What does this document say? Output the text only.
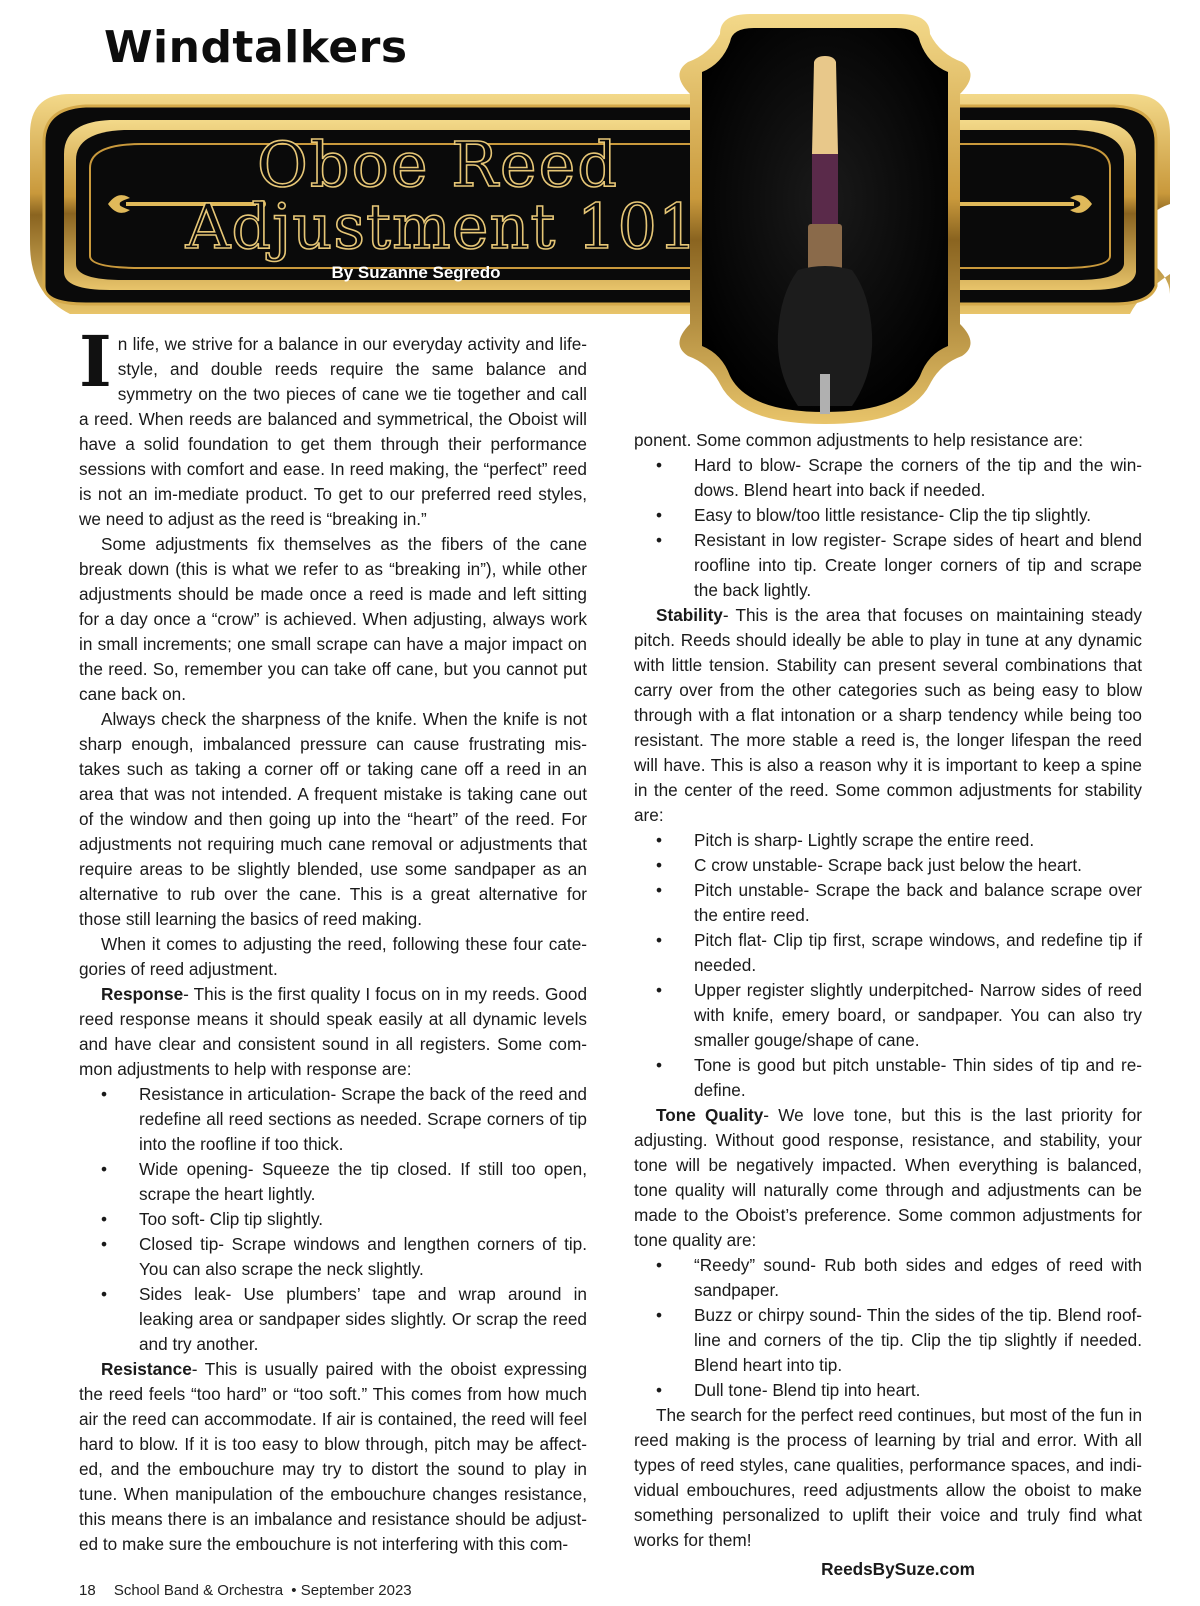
Oboe Reed
Adjustment 101
By Suzanne Segredo
Windtalkers

In life, we strive for a balance in our everyday activity and life-style, and double reeds require the same balance and symmetry on the two pieces of cane we tie together and call a reed. When reeds are balanced and symmetrical, the Oboist will have a solid foundation to get them through their performance sessions with comfort and ease. In reed making, the “perfect” reed is not an im-mediate product. To get to our preferred reed styles, we need to adjust as the reed is “breaking in.”

Some adjustments fix themselves as the fibers of the cane break down (this is what we refer to as “breaking in”), while other adjustments should be made once a reed is made and left sitting for a day once a “crow” is achieved. When adjusting, always work in small increments; one small scrape can have a major impact on the reed. So, remember you can take off cane, but you cannot put cane back on.

Always check the sharpness of the knife. When the knife is not sharp enough, imbalanced pressure can cause frustrating mis-takes such as taking a corner off or taking cane off a reed in an area that was not intended. A frequent mistake is taking cane out of the window and then going up into the “heart” of the reed. For adjustments not requiring much cane removal or adjustments that require areas to be slightly blended, use some sandpaper as an alternative to rub over the cane. This is a great alternative for those still learning the basics of reed making.

When it comes to adjusting the reed, following these four cate-gories of reed adjustment.

Response- This is the first quality I focus on in my reeds. Good reed response means it should speak easily at all dynamic levels and have clear and consistent sound in all registers. Some com-mon adjustments to help with response are:

• Resistance in articulation- Scrape the back of the reed and redefine all reed sections as needed. Scrape corners of tip into the roofline if too thick.
• Wide opening- Squeeze the tip closed. If still too open, scrape the heart lightly.
• Too soft- Clip tip slightly.
• Closed tip- Scrape windows and lengthen corners of tip. You can also scrape the neck slightly.
• Sides leak- Use plumbers’ tape and wrap around in leaking area or sandpaper sides slightly. Or scrap the reed and try another.

Resistance- This is usually paired with the oboist expressing the reed feels “too hard” or “too soft.” This comes from how much air the reed can accommodate. If air is contained, the reed will feel hard to blow. If it is too easy to blow through, pitch may be affect-ed, and the embouchure may try to distort the sound to play in tune. When manipulation of the embouchure changes resistance, this means there is an imbalance and resistance should be adjust-ed to make sure the embouchure is not interfering with this com-

ponent. Some common adjustments to help resistance are:

• Hard to blow- Scrape the corners of the tip and the win-dows. Blend heart into back if needed.
• Easy to blow/too little resistance- Clip the tip slightly.
• Resistant in low register- Scrape sides of heart and blend roofline into tip. Create longer corners of tip and scrape the back lightly.

Stability- This is the area that focuses on maintaining steady pitch. Reeds should ideally be able to play in tune at any dynamic with little tension. Stability can present several combinations that carry over from the other categories such as being easy to blow through with a flat intonation or a sharp tendency while being too resistant. The more stable a reed is, the longer lifespan the reed will have. This is also a reason why it is important to keep a spine in the center of the reed. Some common adjustments for stability are:

• Pitch is sharp- Lightly scrape the entire reed.
• C crow unstable- Scrape back just below the heart.
• Pitch unstable- Scrape the back and balance scrape over the entire reed.
• Pitch flat- Clip tip first, scrape windows, and redefine tip if needed.
• Upper register slightly underpitched- Narrow sides of reed with knife, emery board, or sandpaper. You can also try smaller gouge/shape of cane.
• Tone is good but pitch unstable- Thin sides of tip and re-define.

Tone Quality- We love tone, but this is the last priority for adjusting. Without good response, resistance, and stability, your tone will be negatively impacted. When everything is balanced, tone quality will naturally come through and adjustments can be made to the Oboist’s preference. Some common adjustments for tone quality are:

• “Reedy” sound- Rub both sides and edges of reed with sandpaper.
• Buzz or chirpy sound- Thin the sides of the tip. Blend roof-line and corners of the tip. Clip the tip slightly if needed. Blend heart into tip.
• Dull tone- Blend tip into heart.

The search for the perfect reed continues, but most of the fun in reed making is the process of learning by trial and error. With all types of reed styles, cane qualities, performance spaces, and indi-vidual embouchures, reed adjustments allow the oboist to make something personalized to uplift their voice and truly find what works for them!

ReedsBySuze.com
18 School Band & Orchestra • September 2023
